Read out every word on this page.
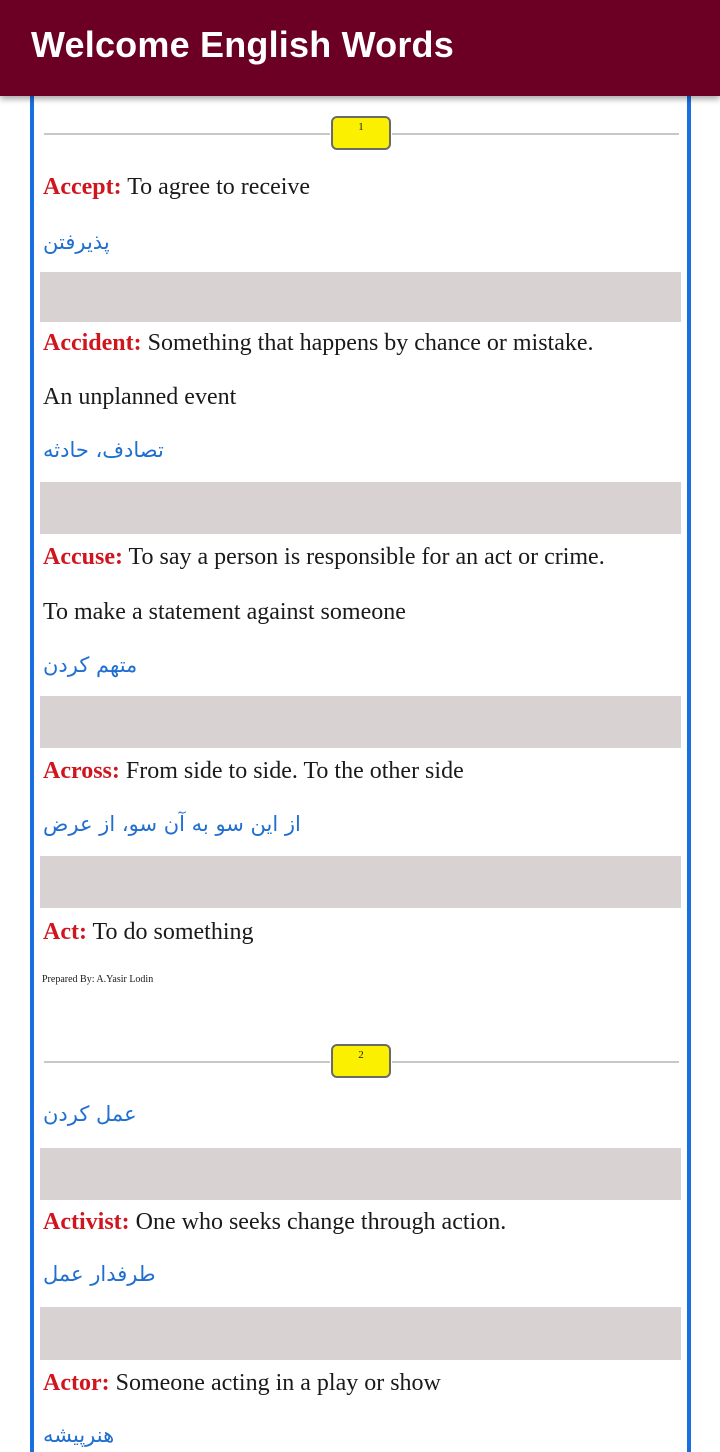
Welcome English Words
1
Accept: To agree to receive
پذیرفتن
Accident: Something that happens by chance or mistake.
An unplanned event
تصادف، حادثه
Accuse: To say a person is responsible for an act or crime.
To make a statement against someone
متهم کردن
Across: From side to side. To the other side
از این سو به آن سو، از عرض
Act: To do something
Prepared By: A.Yasir Lodin
2
عمل کردن
Activist: One who seeks change through action.
طرفدار عمل
Actor: Someone acting in a play or show
هنرپیشه
